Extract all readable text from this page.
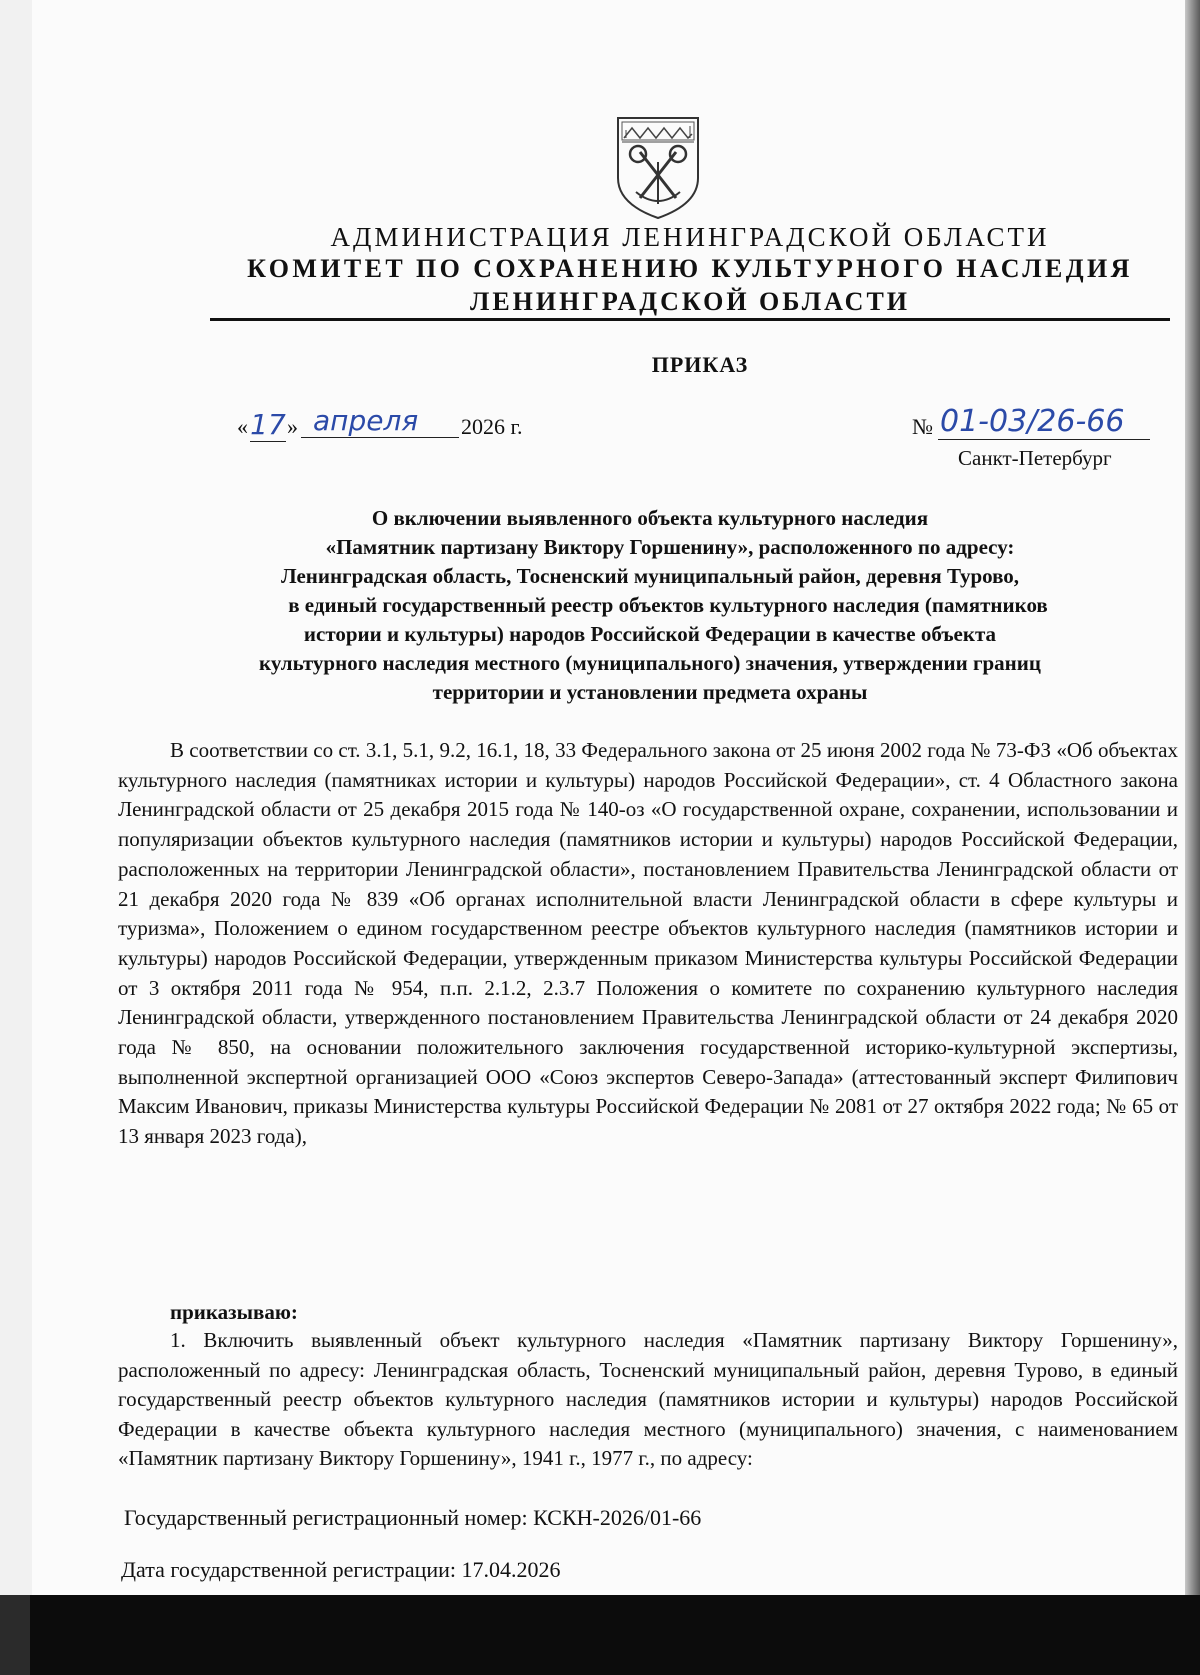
АДМИНИСТРАЦИЯ ЛЕНИНГРАДСКОЙ ОБЛАСТИ
КОМИТЕТ ПО СОХРАНЕНИЮ КУЛЬТУРНОГО НАСЛЕДИЯ
ЛЕНИНГРАДСКОЙ ОБЛАСТИ
ПРИКАЗ
« 17 » апреля	2026 г.	№ 01-03/26-66
Санкт-Петербург
О включении выявленного объекта культурного наследия
«Памятник партизану Виктору Горшенину», расположенного по адресу:
Ленинградская область, Тосненский муниципальный район, деревня Турово,
в единый государственный реестр объектов культурного наследия (памятников
истории и культуры) народов Российской Федерации в качестве объекта
культурного наследия местного (муниципального) значения, утверждении границ
территории и установлении предмета охраны
В соответствии со ст. 3.1, 5.1, 9.2, 16.1, 18, 33 Федерального закона от 25 июня 2002 года № 73-ФЗ «Об объектах культурного наследия (памятниках истории и культуры) народов Российской Федерации», ст. 4 Областного закона Ленинградской области от 25 декабря 2015 года № 140-оз «О государственной охране, сохранении, использовании и популяризации объектов культурного наследия (памятников истории и культуры) народов Российской Федерации, расположенных на территории Ленинградской области», постановлением Правительства Ленинградской области от 21 декабря 2020 года № 839 «Об органах исполнительной власти Ленинградской области в сфере культуры и туризма», Положением о едином государственном реестре объектов культурного наследия (памятников истории и культуры) народов Российской Федерации, утвержденным приказом Министерства культуры Российской Федерации от 3 октября 2011 года № 954, п.п. 2.1.2, 2.3.7 Положения о комитете по сохранению культурного наследия Ленинградской области, утвержденного постановлением Правительства Ленинградской области от 24 декабря 2020 года № 850, на основании положительного заключения государственной историко-культурной экспертизы, выполненной экспертной организацией ООО «Союз экспертов Северо-Запада» (аттестованный эксперт Филипович Максим Иванович, приказы Министерства культуры Российской Федерации № 2081 от 27 октября 2022 года; № 65 от 13 января 2023 года),
приказываю:
1. Включить выявленный объект культурного наследия «Памятник партизану Виктору Горшенину», расположенный по адресу: Ленинградская область, Тосненский муниципальный район, деревня Турово, в единый государственный реестр объектов культурного наследия (памятников истории и культуры) народов Российской Федерации в качестве объекта культурного наследия местного (муниципального) значения, с наименованием «Памятник партизану Виктору Горшенину», 1941 г., 1977 г., по адресу:
Государственный регистрационный номер: КСКН-2026/01-66
Дата государственной регистрации: 17.04.2026
